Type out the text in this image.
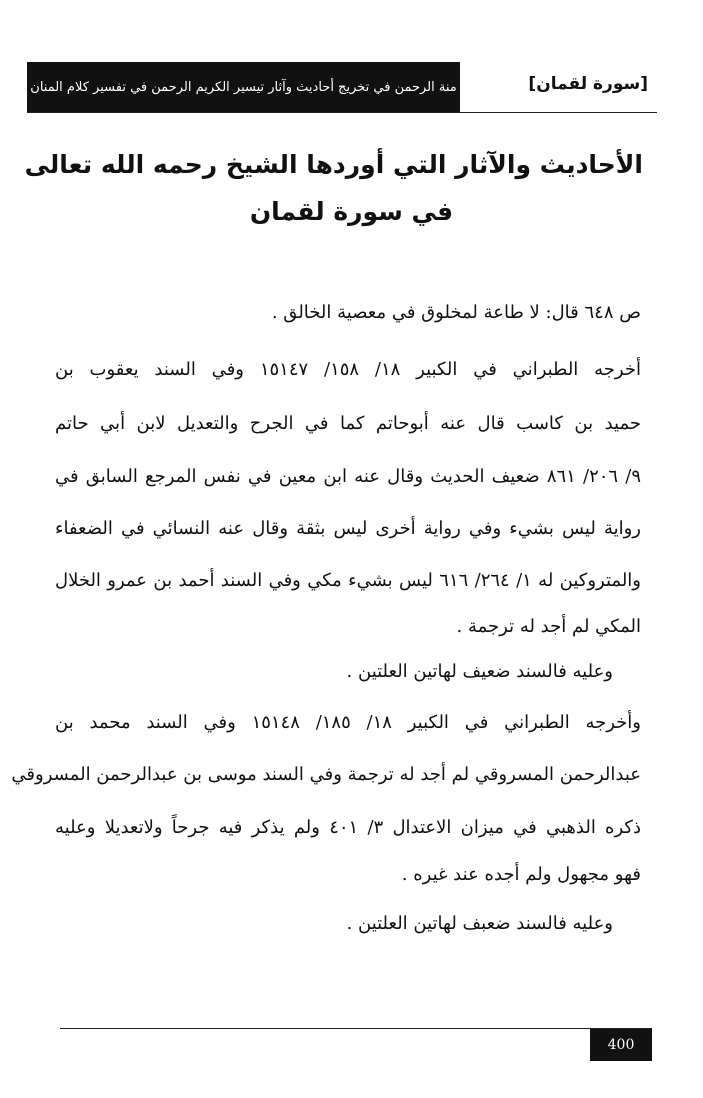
منة الرحمن في تخريج أحاديث وآثار تيسير الكريم الرحمن في تفسير كلام المنان	[سورة لقمان]
الأحاديث والآثار التي أوردها الشيخ رحمه الله تعالى
في سورة لقمان
ص ٦٤٨ قال: لا طاعة لمخلوق في معصية الخالق .
أخرجه الطبراني في الكبير ١٨/ ١٥٨/ ١٥١٤٧ وفي السند يعقوب بن
حميد بن كاسب قال عنه أبوحاتم كما في الجرح والتعديل لابن أبي حاتم
٩/ ٢٠٦/ ٨٦١ ضعيف الحديث وقال عنه ابن معين في نفس المرجع السابق في
رواية ليس بشيء وفي رواية أخرى ليس بثقة وقال عنه النسائي في الضعفاء
والمتروكين له ١/ ٢٦٤/ ٦١٦ ليس بشيء مكي وفي السند أحمد بن عمرو الخلال
المكي لم أجد له ترجمة .
وعليه فالسند ضعيف لهاتين العلتين .
وأخرجه الطبراني في الكبير ١٨/ ١٨٥/ ١٥١٤٨ وفي السند محمد بن
عبدالرحمن المسروقي لم أجد له ترجمة وفي السند موسى بن عبدالرحمن المسروقي
ذكره الذهبي في ميزان الاعتدال ٣/ ٤٠١ ولم يذكر فيه جرحاً ولاتعديلا وعليه
فهو مجهول ولم أجده عند غيره .
وعليه فالسند ضعبف لهاتين العلتين .
400
